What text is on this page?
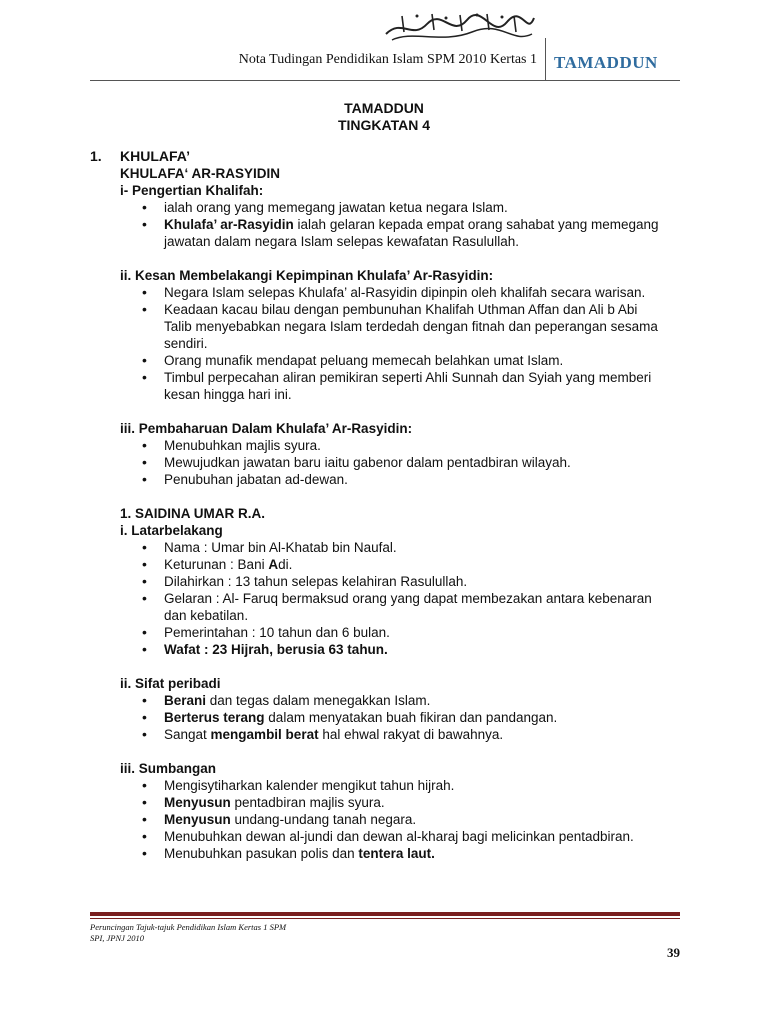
Nota Tudingan Pendidikan Islam SPM 2010 Kertas 1 TAMADDUN
TAMADDUN
TINGKATAN 4
1.	KHULAFA’
KHULAFA‘ AR-RASYIDIN
i- Pengertian Khalifah:
• ialah orang yang memegang jawatan ketua negara Islam.
• Khulafa’ ar-Rasyidin ialah gelaran kepada empat orang sahabat yang memegang
jawatan dalam negara Islam selepas kewafatan Rasulullah.
ii. Kesan Membelakangi Kepimpinan Khulafa’ Ar-Rasyidin:
• Negara Islam selepas Khulafa’ al-Rasyidin dipinpin oleh khalifah secara warisan.
• Keadaan kacau bilau dengan pembunuhan Khalifah Uthman Affan dan Ali b Abi
Talib menyebabkan negara Islam terdedah dengan fitnah dan peperangan sesama
sendiri.
• Orang munafik mendapat peluang memecah belahkan umat Islam.
• Timbul perpecahan aliran pemikiran seperti Ahli Sunnah dan Syiah yang memberi
kesan hingga hari ini.
iii. Pembaharuan Dalam Khulafa’ Ar-Rasyidin:
• Menubuhkan majlis syura.
• Mewujudkan jawatan baru iaitu gabenor dalam pentadbiran wilayah.
• Penubuhan jabatan ad-dewan.
1. SAIDINA UMAR R.A.
i. Latarbelakang
• Nama : Umar bin Al-Khatab bin Naufal.
• Keturunan : Bani Adi.
• Dilahirkan : 13 tahun selepas kelahiran Rasulullah.
• Gelaran : Al- Faruq bermaksud orang yang dapat membezakan antara kebenaran
dan kebatilan.
• Pemerintahan : 10 tahun dan 6 bulan.
• Wafat : 23 Hijrah, berusia 63 tahun.
ii. Sifat peribadi
• Berani dan tegas dalam menegakkan Islam.
• Berterus terang dalam menyatakan buah fikiran dan pandangan.
• Sangat mengambil berat hal ehwal rakyat di bawahnya.
iii. Sumbangan
• Mengisytiharkan kalender mengikut tahun hijrah.
• Menyusun pentadbiran majlis syura.
• Menyusun undang-undang tanah negara.
• Menubuhkan dewan al-jundi dan dewan al-kharaj bagi melicinkan pentadbiran.
• Menubuhkan pasukan polis dan tentera laut.
Peruncingan Tajuk-tajuk Pendidikan Islam Kertas 1 SPM
SPI, JPNJ 2010
39
